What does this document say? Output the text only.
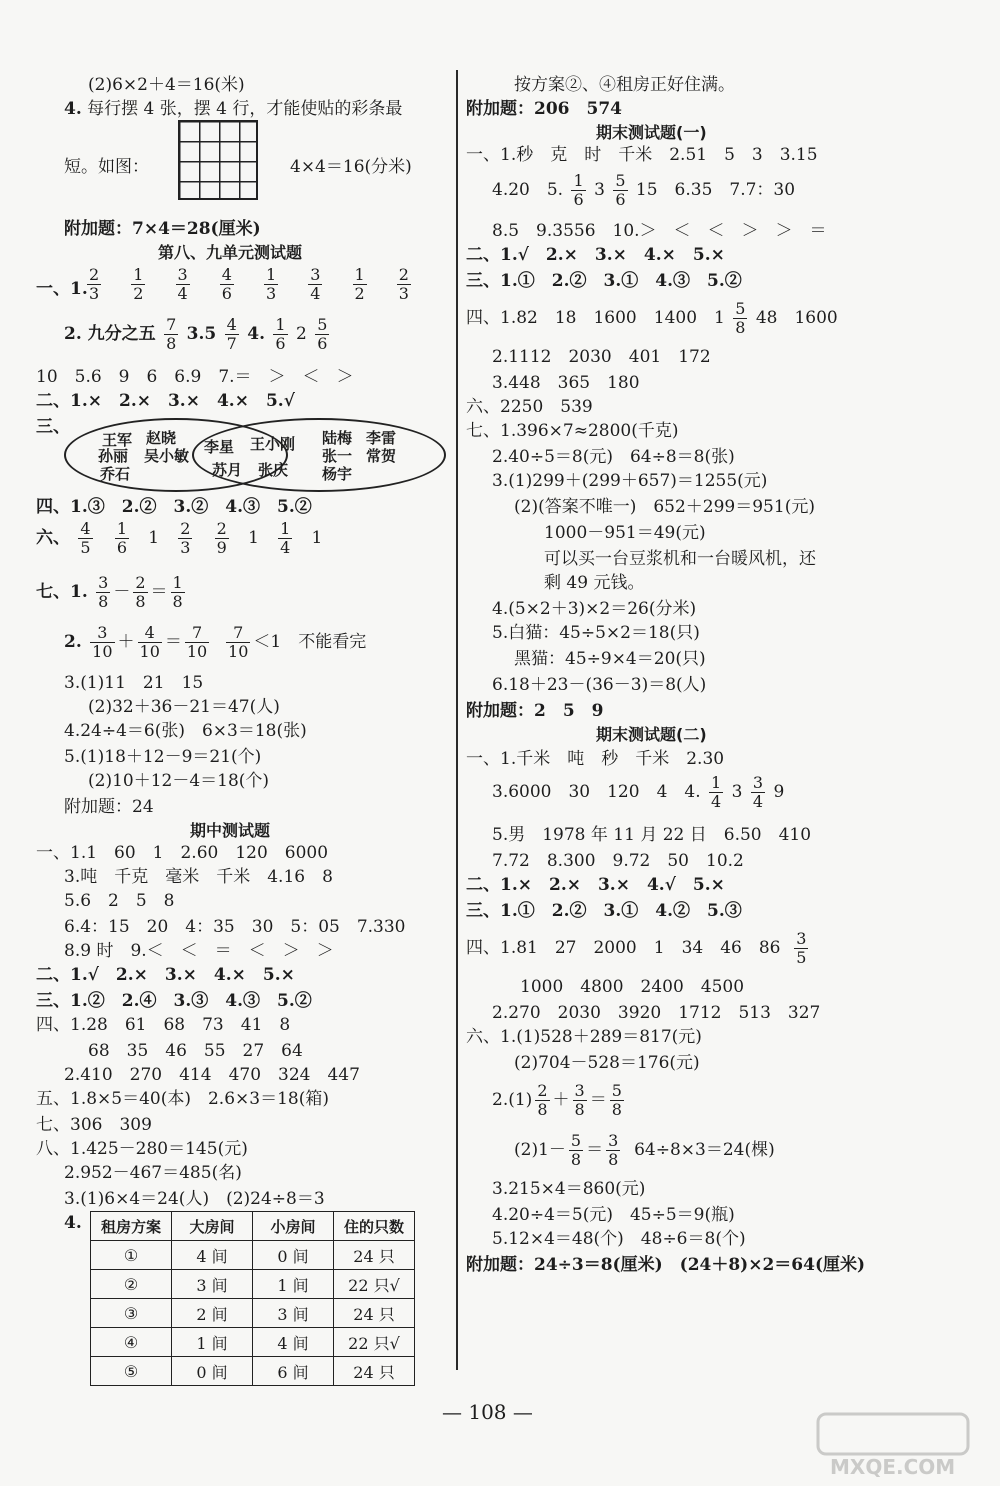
(2)6×2＋4＝16(米)
4. 每行摆 4 张，摆 4 行，才能使贴的彩条最
短。如图：	4×4＝16(分米)
附加题：7×4＝28(厘米)
第八、九单元测试题
一、1. $\frac{2}{3} \frac{1}{2} \frac{3}{4} \frac{4}{6} \frac{1}{3} \frac{3}{4} \frac{1}{2} \frac{2}{3}$
2. 九分之五 $\frac{7}{8} 3.5 \frac{4}{7} 4$. $\frac{1}{6} 2 \frac{5}{6}$
10　5.6　9　6　6.9　7.＝　＞　＜　＞
二、1.×　2.×　3.×　4.×　5.√
三、
王军 赵晓
孙丽 吴小敏
乔石
李星 王小刚
苏月 张庆
陆梅 李雷
张一 常贺
杨宇
四、1.③　2.②　3.②　4.③　5.②
六、 $\frac{4}{5}$
$\frac{1}{6} 1 \frac{2}{3}$
$\frac{2}{9} 1 \frac{1}{4} 1$
七、1. $\frac{3}{8} - \frac{2}{8} = \frac{1}{8}$
2. $\frac{3}{10} + \frac{4}{10} = \frac{7}{10}$
$\frac{7}{10} <1$　不能看完
3.(1)11　21　15
(2)32＋36－21＝47(人)
4.24÷4＝6(张)　6×3＝18(张)
5.(1)18＋12－9＝21(个)
(2)10＋12－4＝18(个)
附加题：24
期中测试题
一、1.1　60　1　2.60　120　6000
3.吨　千克　毫米　千米　4.16　8
5.6　2　5　8
6.4：15　20　4：35　30　5：05　7.330
8.9 时　9.＜　＜　＝　＜　＞　＞
二、1.√　2.×　3.×　4.×　5.×
三、1.②　2.④　3.③　4.③　5.②
四、1.28　61　68　73　41　8
68　35　46　55　27　64
2.410　270　414　470　324　447
五、1.8×5＝40(本)　2.6×3＝18(箱)
七、306　309
八、1.425－280＝145(元)
2.952－467＝485(名)
3.(1)6×4＝24(人)　(2)24÷8＝3
4. 租房方案	大房间	小房间	住的只数
①	4 间	0 间	24 只
②	3 间	1 间	22 只√
③	2 间	3 间	24 只
④	1 间	4 间	22 只√
⑤	0 间	6 间	24 只
按方案②、④租房正好住满。
附加题：206　574
期末测试题(一)
一、1.秒　克　时　千米　2.51　5　3　3.15
4.20　5. $\frac{1}{6} 3 \frac{5}{6} 15$　6.35　7.7：30
8.5　9.3556　10.＞　＜　＜　＞　＞　＝
二、1.√　2.×　3.×　4.×　5.×
三、1.①　2.②　3.①　4.③　5.②
四、1.82　18　1600　1400　$1 \frac{5}{8} 48$　1600
2.1112　2030　401　172
3.448　365　180
六、2250　539
七、1.396×7≈2800(千克)
2.40÷5＝8(元)　64÷8＝8(张)
3.(1)299＋(299＋657)＝1255(元)
(2)(答案不唯一)　652＋299＝951(元)
1000－951＝49(元)
可以买一台豆浆机和一台暖风机，还
剩 49 元钱。
4.(5×2＋3)×2＝26(分米)
5.白猫：45÷5×2＝18(只)
黑猫：45÷9×4＝20(只)
6.18＋23－(36－3)＝8(人)
附加题：2　5　9
期末测试题(二)
一、1.千米　吨　秒　千米　2.30
3.6000　30　120　4　4. $\frac{1}{4} 3 \frac{3}{4} 9$
5.男　1978 年 11 月 22 日　6.50　410
7.72　8.300　9.72　50　10.2
二、1.×　2.×　3.×　4.√　5.×
三、1.①　2.②　3.①　4.②　5.③
四、1.81　27　2000　1　34　46　$86 \frac{3}{5}$
1000　4800　2400　4500
2.270　2030　3920　1712　513　327
六、1.(1)528＋289＝817(元)
(2)704－528＝176(元)
$2.(1) \frac{2}{8} + \frac{3}{8} = \frac{5}{8}$
$(2)1- \frac{5}{8} = \frac{3}{8} 64\div 8\times 3=24$(棵)
3.215×4＝860(元)
4.20÷4＝5(元)　45÷5＝9(瓶)
5.12×4＝48(个)　48÷6＝8(个)
附加题：24÷3＝8(厘米)　(24＋8)×2＝64(厘米)
— 108 —
MXQE.COM
